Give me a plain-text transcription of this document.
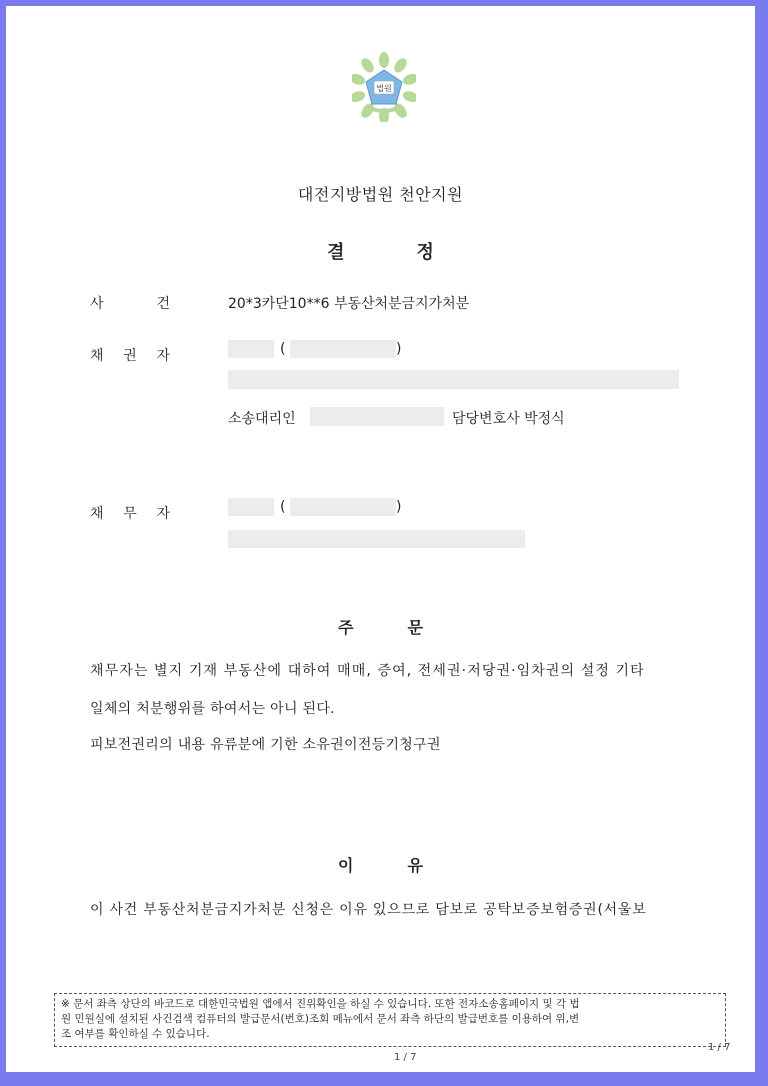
법원
대전지방법원 천안지원
결	정
사	건	20*3카단10**6 부동산처분금지가처분
채 권 자	(	)
소송대리인	담당변호사 박정식
채 무 자	(	)
주	문
채무자는 별지 기재 부동산에 대하여 매매, 증여, 전세권·저당권·임차권의 설정 기타
일체의 처분행위를 하여서는 아니 된다.
피보전권리의 내용 유류분에 기한 소유권이전등기청구권
이	유
이 사건 부동산처분금지가처분 신청은 이유 있으므로 담보로 공탁보증보험증권(서울보
※ 문서 좌측 상단의 바코드로 대한민국법원 앱에서 진위확인을 하실 수 있습니다. 또한 전자소송홈페이지 및 각 법
원 민원실에 설치된 사건검색 컴퓨터의 발급문서(번호)조회 메뉴에서 문서 좌측 하단의 발급번호를 이용하여 위,변
조 여부를 확인하실 수 있습니다.
1 / 7
1 / 7
